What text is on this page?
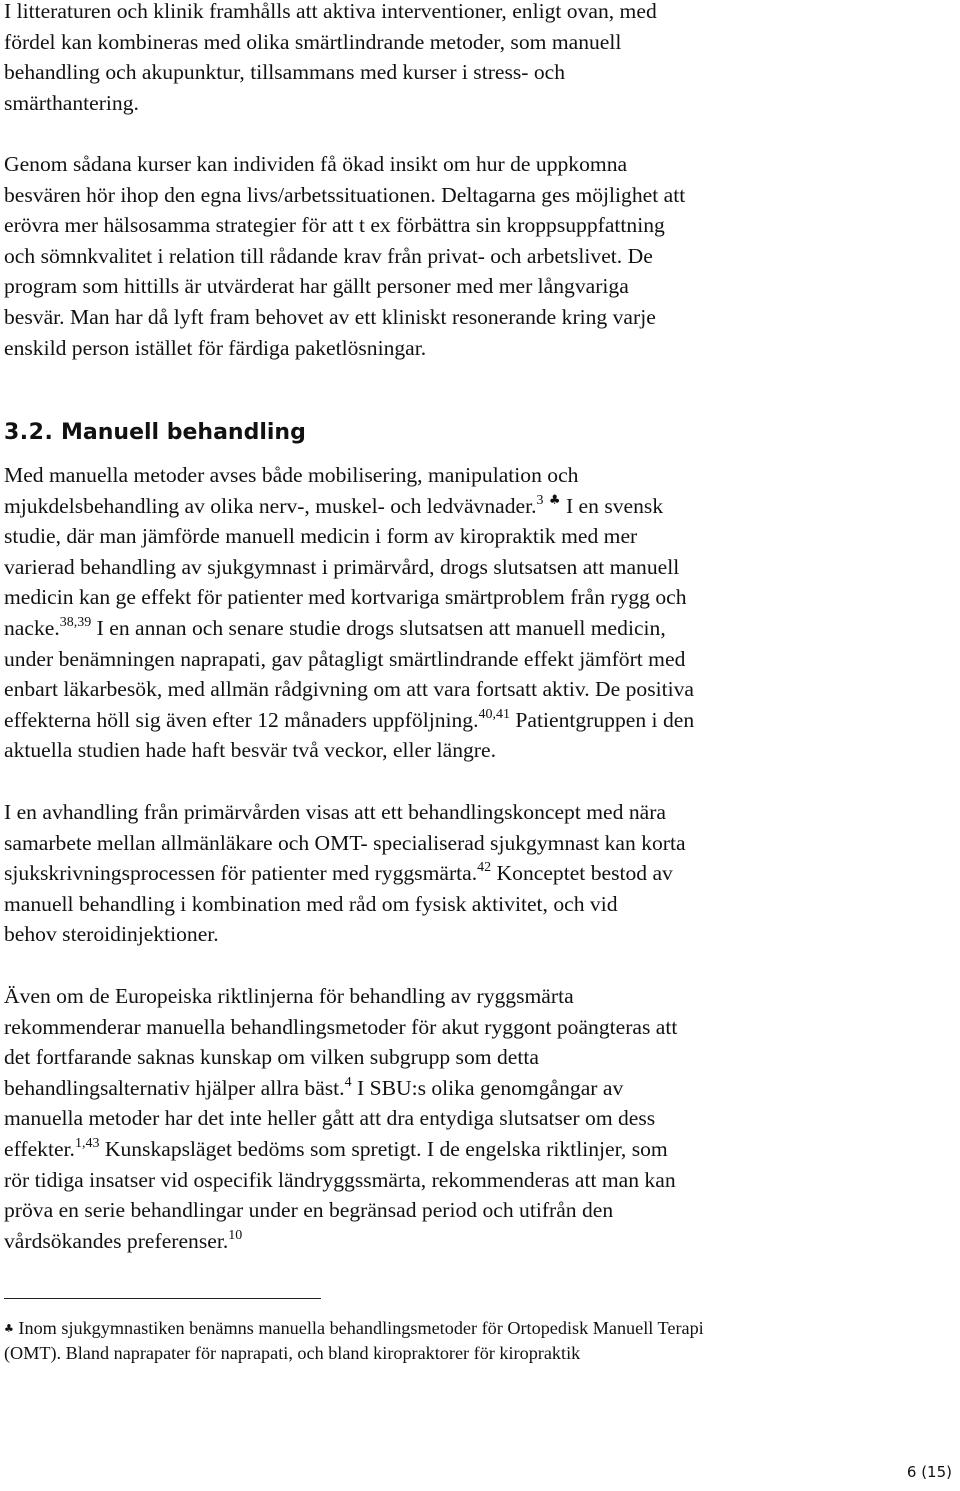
I litteraturen och klinik framhålls att aktiva interventioner, enligt ovan, med
fördel kan kombineras med olika smärtlindrande metoder, som manuell
behandling och akupunktur, tillsammans med kurser i stress- och
smärthantering.

Genom sådana kurser kan individen få ökad insikt om hur de uppkomna
besvären hör ihop den egna livs/arbetssituationen. Deltagarna ges möjlighet att
erövra mer hälsosamma strategier för att t ex förbättra sin kroppsuppfattning
och sömnkvalitet i relation till rådande krav från privat- och arbetslivet. De
program som hittills är utvärderat har gällt personer med mer långvariga
besvär. Man har då lyft fram behovet av ett kliniskt resonerande kring varje
enskild person istället för färdiga paketlösningar.

3.2. Manuell behandling

Med manuella metoder avses både mobilisering, manipulation och
mjukdelsbehandling av olika nerv-, muskel- och ledvävnader.$^3$ ♣ I en svensk
studie, där man jämförde manuell medicin i form av kiropraktik med mer
varierad behandling av sjukgymnast i primärvård, drogs slutsatsen att manuell
medicin kan ge effekt för patienter med kortvariga smärtproblem från rygg och
nacke.$^{38,39}$ I en annan och senare studie drogs slutsatsen att manuell medicin,
under benämningen naprapati, gav påtagligt smärtlindrande effekt jämfört med
enbart läkarbesök, med allmän rådgivning om att vara fortsatt aktiv. De positiva
effekterna höll sig även efter 12 månaders uppföljning.$^{40,41}$ Patientgruppen i den
aktuella studien hade haft besvär två veckor, eller längre.

I en avhandling från primärvården visas att ett behandlingskoncept med nära
samarbete mellan allmänläkare och OMT- specialiserad sjukgymnast kan korta
sjukskrivningsprocessen för patienter med ryggsmärta.$^{42}$ Konceptet bestod av
manuell behandling i kombination med råd om fysisk aktivitet, och vid
behov steroidinjektioner.

Även om de Europeiska riktlinjerna för behandling av ryggsmärta
rekommenderar manuella behandlingsmetoder för akut ryggont poängteras att
det fortfarande saknas kunskap om vilken subgrupp som detta
behandlingsalternativ hjälper allra bäst.$^4$ I SBU:s olika genomgångar av
manuella metoder har det inte heller gått att dra entydiga slutsatser om dess
effekter.$^{1,43}$ Kunskapsläget bedöms som spretigt. I de engelska riktlinjer, som
rör tidiga insatser vid ospecifik ländryggssmärta, rekommenderas att man kan
pröva en serie behandlingar under en begränsad period och utifrån den
vårdsökandes preferenser.$^{10}$

♣ Inom sjukgymnastiken benämns manuella behandlingsmetoder för Ortopedisk Manuell Terapi
(OMT). Bland naprapater för naprapati, och bland kiropraktorer för kiropraktik

6 (15)
